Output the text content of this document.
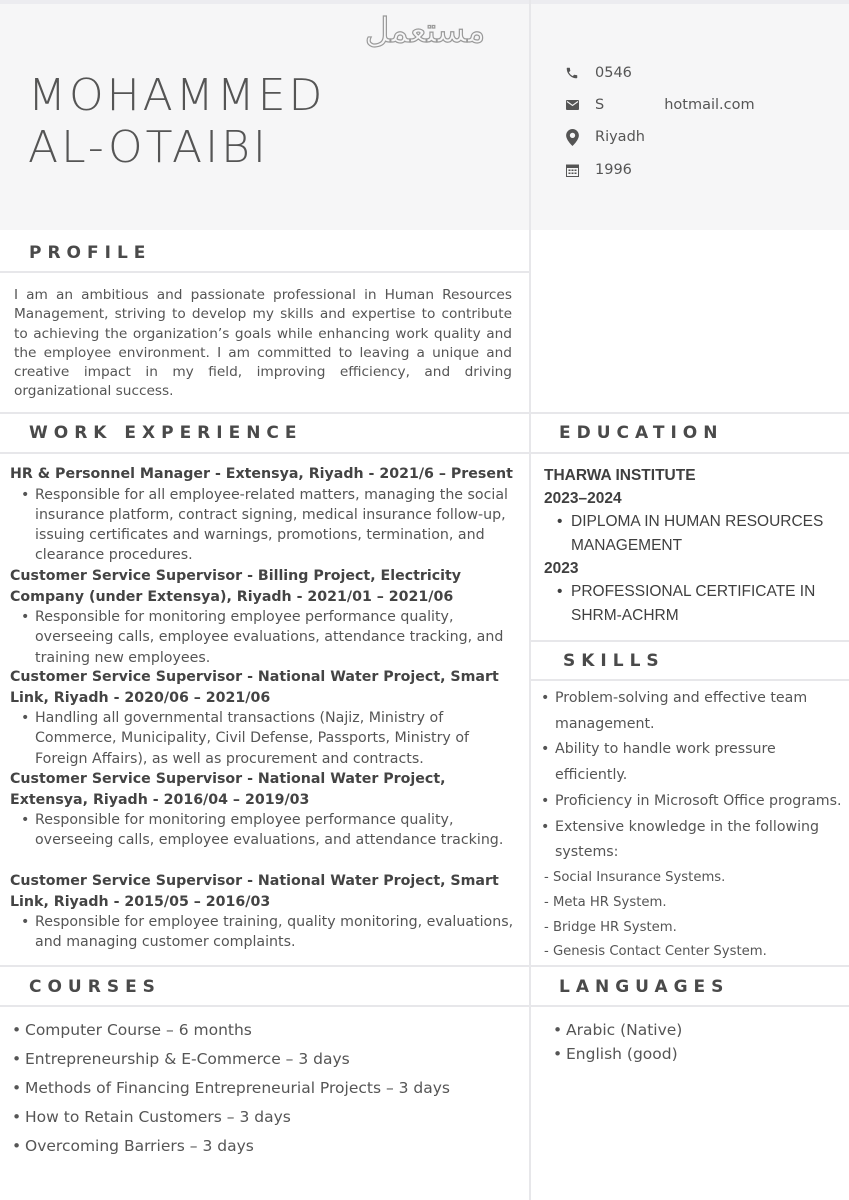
مستعمل
MOHAMMED
AL-OTAIBI
0546
S
	hotmail.com
Riyadh
1996
PROFILE
I am an ambitious and passionate professional in Human Resources Management, striving to develop my skills and expertise to contribute to achieving the organization’s goals while enhancing work quality and the employee environment. I am committed to leaving a unique and creative impact in my field, improving efficiency, and driving organizational success.
WORK EXPERIENCE
HR & Personnel Manager - Extensya, Riyadh - 2021/6 – Present
• Responsible for all employee-related matters, managing the social insurance platform, contract signing, medical insurance follow-up, issuing certificates and warnings, promotions, termination, and clearance procedures.
Customer Service Supervisor - Billing Project, Electricity Company (under Extensya), Riyadh - 2021/01 – 2021/06
• Responsible for monitoring employee performance quality, overseeing calls, employee evaluations, attendance tracking, and training new employees.
Customer Service Supervisor - National Water Project, Smart Link, Riyadh - 2020/06 – 2021/06
• Handling all governmental transactions (Najiz, Ministry of Commerce, Municipality, Civil Defense, Passports, Ministry of Foreign Affairs), as well as procurement and contracts.
Customer Service Supervisor - National Water Project, Extensya, Riyadh - 2016/04 – 2019/03
• Responsible for monitoring employee performance quality, overseeing calls, employee evaluations, and attendance tracking.
Customer Service Supervisor - National Water Project, Smart Link, Riyadh - 2015/05 – 2016/03
• Responsible for employee training, quality monitoring, evaluations, and managing customer complaints.
EDUCATION
THARWA INSTITUTE
2023–2024
• DIPLOMA IN HUMAN RESOURCES MANAGEMENT
2023
• PROFESSIONAL CERTIFICATE IN SHRM-ACHRM
SKILLS
• Problem-solving and effective team management.
• Ability to handle work pressure efficiently.
• Proficiency in Microsoft Office programs.
• Extensive knowledge in the following systems:
- Social Insurance Systems.
- Meta HR System.
- Bridge HR System.
- Genesis Contact Center System.
COURSES
• Computer Course – 6 months
• Entrepreneurship & E-Commerce – 3 days
• Methods of Financing Entrepreneurial Projects – 3 days
• How to Retain Customers – 3 days
• Overcoming Barriers – 3 days
LANGUAGES
• Arabic (Native)
• English (good)
